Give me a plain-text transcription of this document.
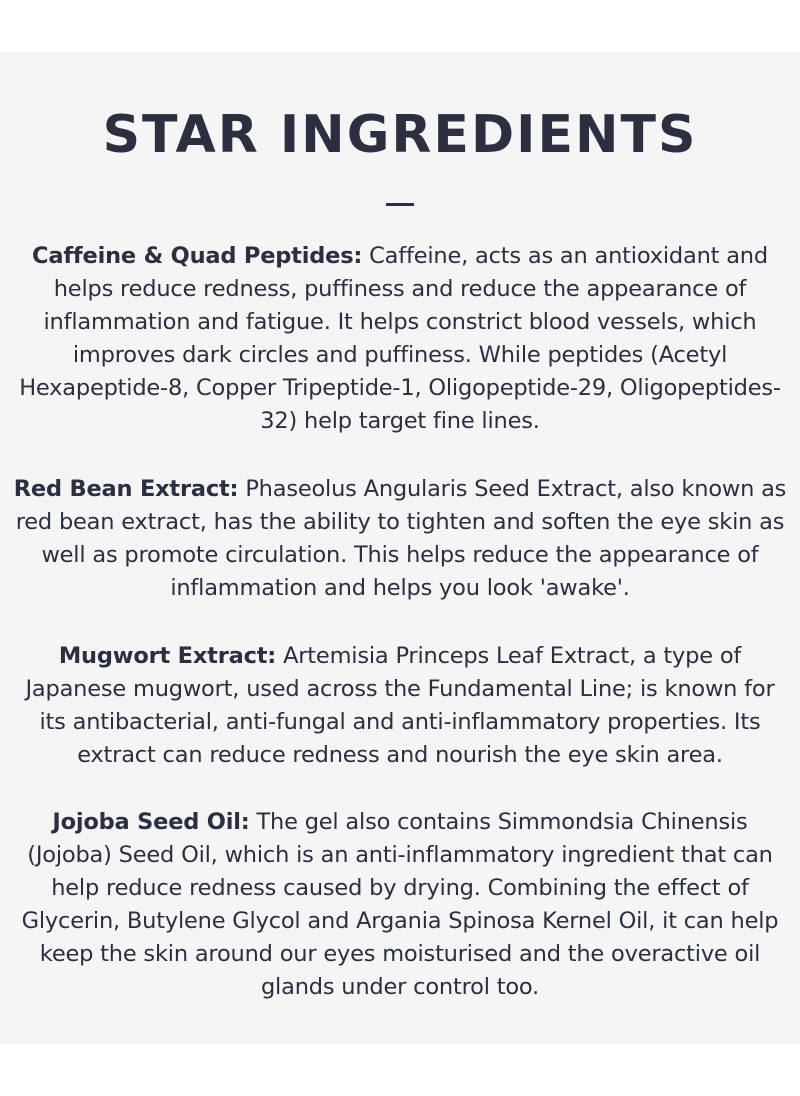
STAR INGREDIENTS

Caffeine & Quad Peptides: Caffeine, acts as an antioxidant and helps reduce redness, puffiness and reduce the appearance of inflammation and fatigue. It helps constrict blood vessels, which improves dark circles and puffiness. While peptides (Acetyl Hexapeptide-8, Copper Tripeptide-1, Oligopeptide-29, Oligopeptides-32) help target fine lines.

Red Bean Extract: Phaseolus Angularis Seed Extract, also known as red bean extract, has the ability to tighten and soften the eye skin as well as promote circulation. This helps reduce the appearance of inflammation and helps you look 'awake'.

Mugwort Extract: Artemisia Princeps Leaf Extract, a type of Japanese mugwort, used across the Fundamental Line; is known for its antibacterial, anti-fungal and anti-inflammatory properties. Its extract can reduce redness and nourish the eye skin area.

Jojoba Seed Oil: The gel also contains Simmondsia Chinensis (Jojoba) Seed Oil, which is an anti-inflammatory ingredient that can help reduce redness caused by drying. Combining the effect of Glycerin, Butylene Glycol and Argania Spinosa Kernel Oil, it can help keep the skin around our eyes moisturised and the overactive oil glands under control too.
